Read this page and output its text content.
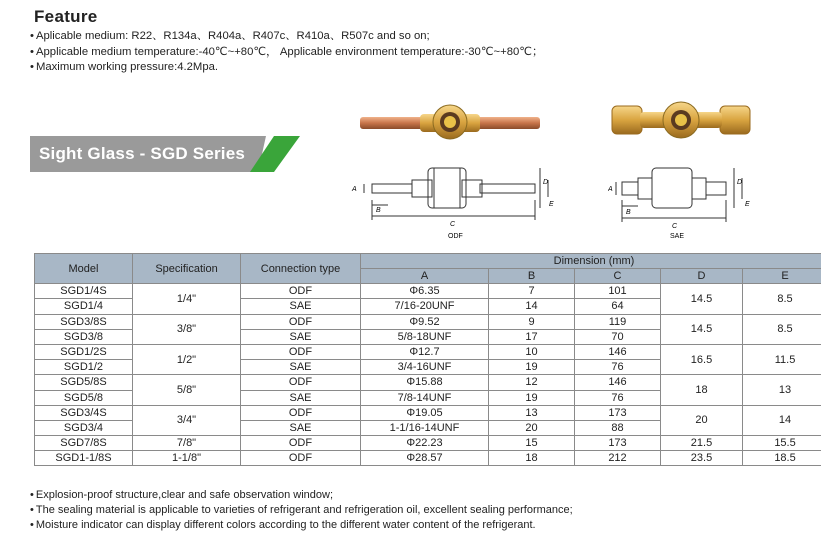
Feature
• Aplicable medium: R22、R134a、R404a、R407c、R410a、R507c and so on;
• Applicable medium temperature:-40℃~+80℃， Applicable environment temperature:-30℃~+80℃；
• Maximum working pressure:4.2Mpa.
Sight Glass - SGD Series
A
B
C
D
E
ODF
A
B
C
D
E
SAE
Model	Specification	Connection type	Dimension (mm)				
			A	B	C	D	E
SGD1/4S	1/4"	ODF	Φ6.35	7	101	14.5	8.5
SGD1/4		SAE	7/16-20UNF	14	64		
SGD3/8S	3/8"	ODF	Φ9.52	9	119	14.5	8.5
SGD3/8		SAE	5/8-18UNF	17	70		
SGD1/2S	1/2"	ODF	Φ12.7	10	146	16.5	11.5
SGD1/2		SAE	3/4-16UNF	19	76		
SGD5/8S	5/8"	ODF	Φ15.88	12	146	18	13
SGD5/8		SAE	7/8-14UNF	19	76		
SGD3/4S	3/4"	ODF	Φ19.05	13	173	20	14
SGD3/4		SAE	1-1/16-14UNF	20	88		
SGD7/8S	7/8"	ODF	Φ22.23	15	173	21.5	15.5
SGD1-1/8S	1-1/8"	ODF	Φ28.57	18	212	23.5	18.5
• Explosion-proof structure,clear and safe observation window;
• The sealing material is applicable to varieties of refrigerant and refrigeration oil, excellent sealing performance;
• Moisture indicator can display different colors according to the different water content of the refrigerant.
